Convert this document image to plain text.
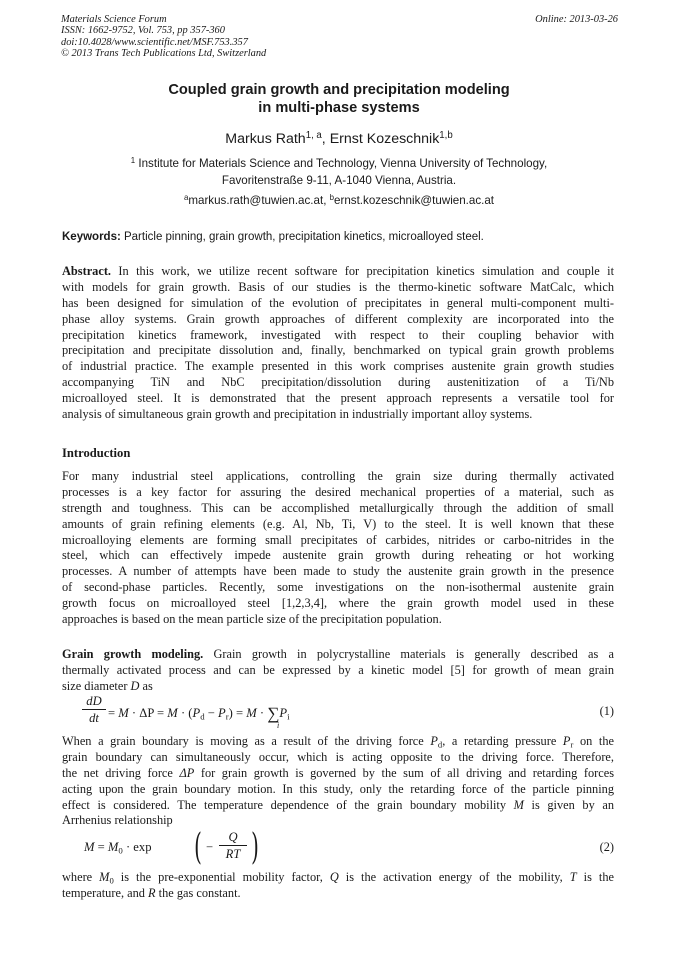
Materials Science Forum
ISSN: 1662-9752, Vol. 753, pp 357-360
doi:10.4028/www.scientific.net/MSF.753.357
© 2013 Trans Tech Publications Ltd, Switzerland
Online: 2013-03-26
Coupled grain growth and precipitation modeling
in multi-phase systems
Markus Rath$^{1, a}$, Ernst Kozeschnik$^{1,b}$
$^1$ Institute for Materials Science and Technology, Vienna University of Technology,
Favoritenstraße 9-11, A-1040 Vienna, Austria.
$^a$markus.rath@tuwien.ac.at, $^b$ernst.kozeschnik@tuwien.ac.at
Keywords: Particle pinning, grain growth, precipitation kinetics, microalloyed steel.
Abstract. In this work, we utilize recent software for precipitation kinetics simulation and couple it
with models for grain growth. Basis of our studies is the thermo-kinetic software MatCalc, which
has been designed for simulation of the evolution of precipitates in general multi-component multi-
phase alloy systems. Grain growth approaches of different complexity are incorporated into the
precipitation kinetics framework, investigated with respect to their coupling behavior with
precipitation and precipitate dissolution and, finally, benchmarked on typical grain growth problems
of industrial practice. The example presented in this work comprises austenite grain growth studies
accompanying TiN and NbC precipitation/dissolution during austenitization of a Ti/Nb
microalloyed steel. It is demonstrated that the present approach represents a versatile tool for
analysis of simultaneous grain growth and precipitation in industrially important alloy systems.
Introduction
For many industrial steel applications, controlling the grain size during thermally activated
processes is a key factor for assuring the desired mechanical properties of a material, such as
strength and toughness. This can be accomplished metallurgically through the addition of small
amounts of grain refining elements (e.g. Al, Nb, Ti, V) to the steel. It is well known that these
microalloying elements are forming small precipitates of carbides, nitrides or carbo-nitrides in the
steel, which can effectively impede austenite grain growth during reheating or hot working
processes. A number of attempts have been made to study the austenite grain growth in the presence
of second-phase particles. Recently, some investigations on the non-isothermal austenite grain
growth focus on microalloyed steel [1,2,3,4], where the grain growth model used in these
approaches is based on the mean particle size of the precipitation population.
Grain growth modeling. Grain growth in polycrystalline materials is generally described as a
thermally activated process and can be expressed by a kinetic model [5] for growth of mean grain
size diameter D as
$\frac{dD}{dt} = M \cdot \Delta P = M \cdot (P_d - P_r) = M \cdot \sum P_i$
i
(1)
When a grain boundary is moving as a result of the driving force $P_d$, a retarding pressure $P_r$ on the
grain boundary can simultaneously occur, which is acting opposite to the driving force. Therefore,
the net driving force ΔP for grain growth is governed by the sum of all driving and retarding forces
acting upon the grain boundary motion. In this study, only the retarding force of the particle pinning
effect is considered. The temperature dependence of the grain boundary mobility M is given by an
Arrhenius relationship
$M = M_0 \cdot \exp$ ( − $\frac{Q}{RT}$ )	(2)
where $M_0$ is the pre-exponential mobility factor, Q is the activation energy of the mobility, T is the
temperature, and R the gas constant.
